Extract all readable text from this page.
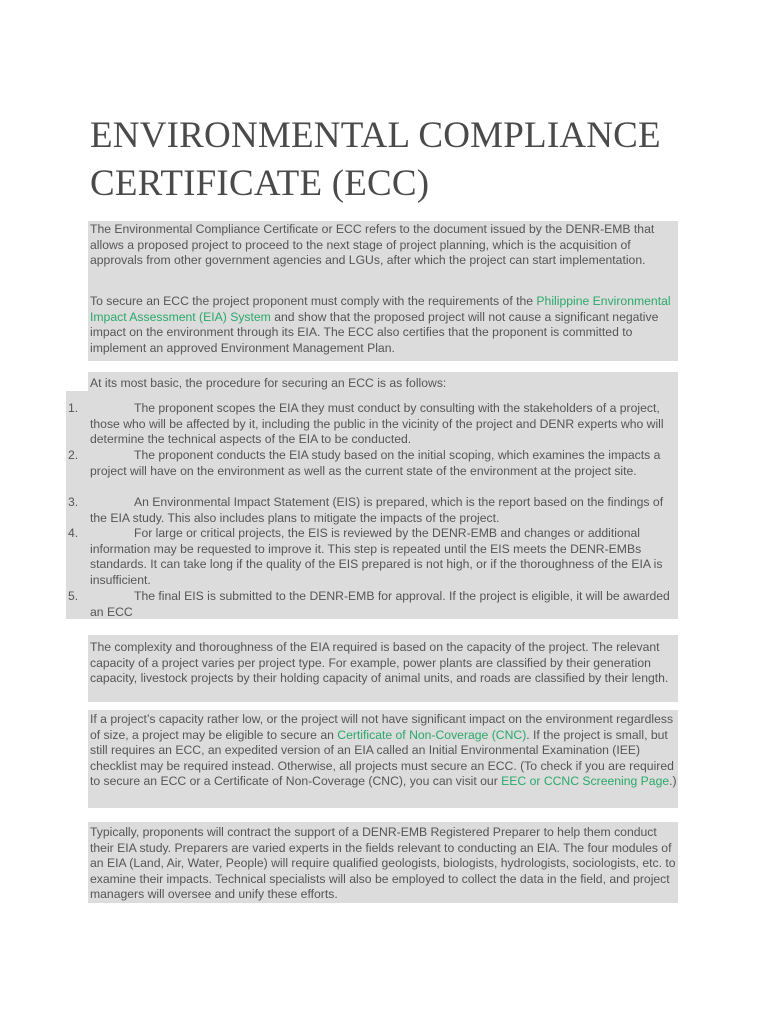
ENVIRONMENTAL COMPLIANCE CERTIFICATE (ECC)

The Environmental Compliance Certificate or ECC refers to the document issued by the DENR-EMB that allows a proposed project to proceed to the next stage of project planning, which is the acquisition of approvals from other government agencies and LGUs, after which the project can start implementation.

To secure an ECC the project proponent must comply with the requirements of the Philippine Environmental Impact Assessment (EIA) System and show that the proposed project will not cause a significant negative impact on the environment through its EIA. The ECC also certifies that the proponent is committed to implement an approved Environment Management Plan.

At its most basic, the procedure for securing an ECC is as follows:

1.	The proponent scopes the EIA they must conduct by consulting with the stakeholders of a project, those who will be affected by it, including the public in the vicinity of the project and DENR experts who will determine the technical aspects of the EIA to be conducted.

2.	The proponent conducts the EIA study based on the initial scoping, which examines the impacts a project will have on the environment as well as the current state of the environment at the project site.

3.	An Environmental Impact Statement (EIS) is prepared, which is the report based on the findings of the EIA study. This also includes plans to mitigate the impacts of the project.

4.	For large or critical projects, the EIS is reviewed by the DENR-EMB and changes or additional information may be requested to improve it. This step is repeated until the EIS meets the DENR-EMBs standards. It can take long if the quality of the EIS prepared is not high, or if the thoroughness of the EIA is insufficient.

5.	The final EIS is submitted to the DENR-EMB for approval. If the project is eligible, it will be awarded an ECC

The complexity and thoroughness of the EIA required is based on the capacity of the project. The relevant capacity of a project varies per project type. For example, power plants are classified by their generation capacity, livestock projects by their holding capacity of animal units, and roads are classified by their length.

If a project’s capacity rather low, or the project will not have significant impact on the environment regardless of size, a project may be eligible to secure an Certificate of Non-Coverage (CNC). If the project is small, but still requires an ECC, an expedited version of an EIA called an Initial Environmental Examination (IEE) checklist may be required instead. Otherwise, all projects must secure an ECC. (To check if you are required to secure an ECC or a Certificate of Non-Coverage (CNC), you can visit our EEC or CCNC Screening Page.)

Typically, proponents will contract the support of a DENR-EMB Registered Preparer to help them conduct their EIA study. Preparers are varied experts in the fields relevant to conducting an EIA. The four modules of an EIA (Land, Air, Water, People) will require qualified geologists, biologists, hydrologists, sociologists, etc. to examine their impacts. Technical specialists will also be employed to collect the data in the field, and project managers will oversee and unify these efforts.
